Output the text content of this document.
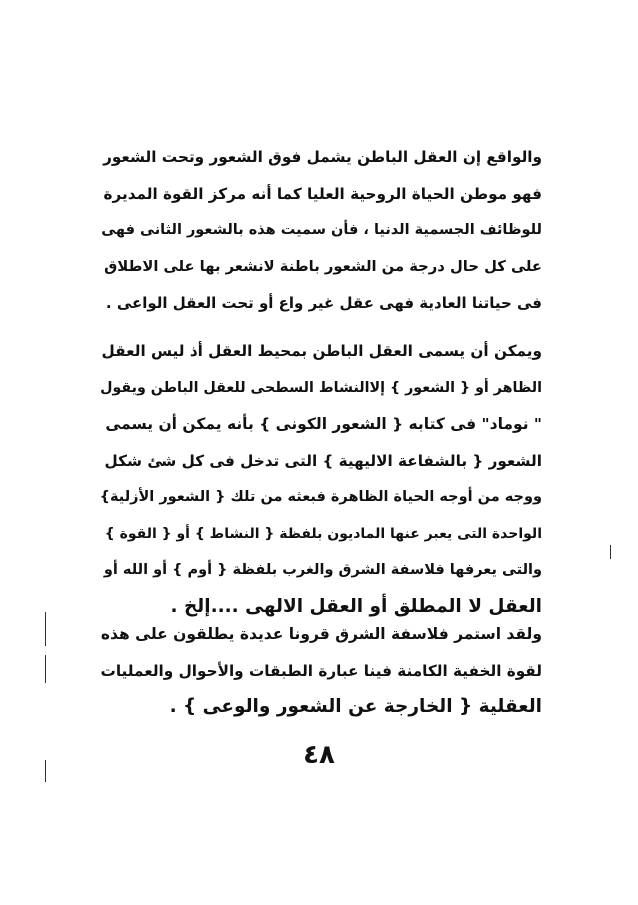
والواقع إن العقل الباطن يشمل فوق الشعور وتحت الشعور
فهو موطن الحياة الروحية العليا كما أنه مركز القوة المديرة
للوظائف الجسمية الدنيا ، فأن سميت هذه بالشعور الثانى فهى
على كل حال درجة من الشعور باطنة لانشعر بها على الاطلاق
فى حياتنا العادية فهى عقل غير واع أو تحت العقل الواعى .
ويمكن أن يسمى العقل الباطن بمحيط العقل أذ ليس العقل
الظاهر أو { الشعور } إلاالنشاط السطحى للعقل الباطن ويقول
" نوماد" فى كتابه { الشعور الكونى } بأنه يمكن أن يسمى
الشعور { بالشفاعة الاليهية } التى تدخل فى كل شئ شكل
ووجه من أوجه الحياة الظاهرة فبعثه من تلك { الشعور الأزلية}
الواحدة التى يعبر عنها الماديون بلفظة { النشاط } أو { القوة }
والتى يعرفها فلاسفة الشرق والغرب بلفظة { أوم } أو الله أو
العقل لا المطلق أو العقل الالهى ....إلخ .
ولقد استمر فلاسفة الشرق قرونا عديدة يطلقون على هذه
لقوة الخفية الكامنة فينا عبارة الطبقات والأحوال والعمليات
العقلية { الخارجة عن الشعور والوعى } .
٤٨
